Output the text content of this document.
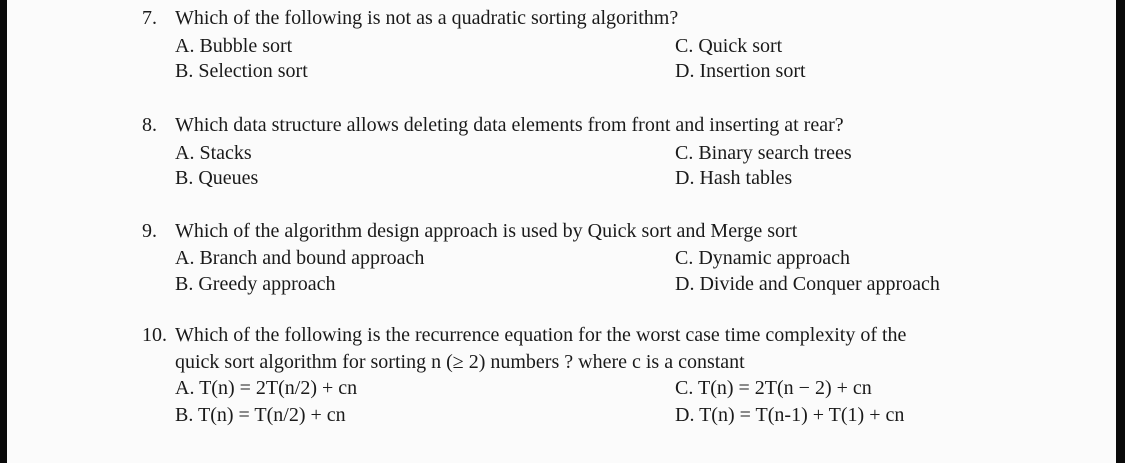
7. Which of the following is not as a quadratic sorting algorithm?
A. Bubble sort	C. Quick sort
B. Selection sort	D. Insertion sort
8. Which data structure allows deleting data elements from front and inserting at rear?
A. Stacks	C. Binary search trees
B. Queues	D. Hash tables
9. Which of the algorithm design approach is used by Quick sort and Merge sort
A. Branch and bound approach	C. Dynamic approach
B. Greedy approach	D. Divide and Conquer approach
10. Which of the following is the recurrence equation for the worst case time complexity of the
quick sort algorithm for sorting n (≥ 2) numbers ? where c is a constant
A. T(n) = 2T(n/2) + cn	C. T(n) = 2T(n − 2) + cn
B. T(n) = T(n/2) + cn	D. T(n) = T(n-1) + T(1) + cn
